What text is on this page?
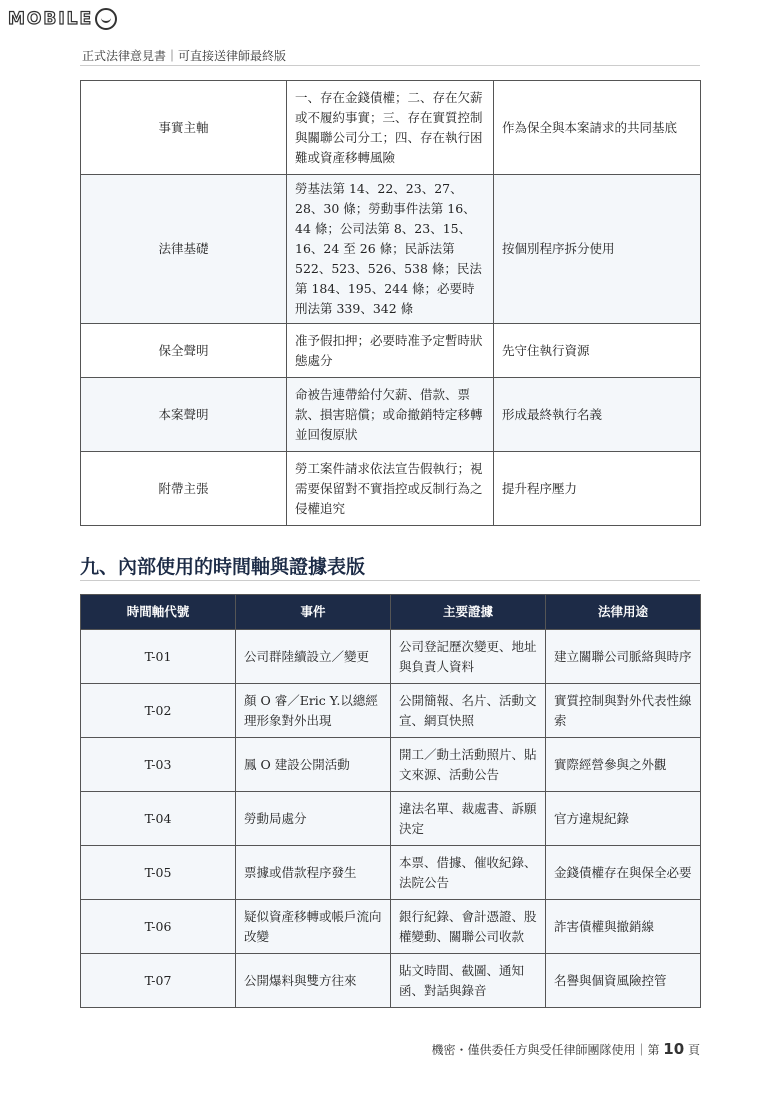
MOBILE
正式法律意見書｜可直接送律師最終版
事實主軸	一、存在金錢債權；二、存在欠薪或不履約事實；三、存在實質控制與關聯公司分工；四、存在執行困難或資產移轉風險	作為保全與本案請求的共同基底
法律基礎	勞基法第 14、22、23、27、28、30 條；勞動事件法第 16、44 條；公司法第 8、23、15、16、24 至 26 條；民訴法第 522、523、526、538 條；民法第 184、195、244 條；必要時刑法第 339、342 條	按個別程序拆分使用
保全聲明	准予假扣押；必要時准予定暫時狀態處分	先守住執行資源
本案聲明	命被告連帶給付欠薪、借款、票款、損害賠償；或命撤銷特定移轉並回復原狀	形成最終執行名義
附帶主張	勞工案件請求依法宣告假執行；視需要保留對不實指控或反制行為之侵權追究	提升程序壓力
九、內部使用的時間軸與證據表版
時間軸代號	事件	主要證據	法律用途
T-01	公司群陸續設立／變更	公司登記歷次變更、地址與負責人資料	建立關聯公司脈絡與時序
T-02	顏 O 睿／Eric Y.以總經理形象對外出現	公開簡報、名片、活動文宣、網頁快照	實質控制與對外代表性線索
T-03	鳳 O 建設公開活動	開工／動土活動照片、貼文來源、活動公告	實際經營參與之外觀
T-04	勞動局處分	違法名單、裁處書、訴願決定	官方違規紀錄
T-05	票據或借款程序發生	本票、借據、催收紀錄、法院公告	金錢債權存在與保全必要
T-06	疑似資產移轉或帳戶流向改變	銀行紀錄、會計憑證、股權變動、關聯公司收款	詐害債權與撤銷線
T-07	公開爆料與雙方往來	貼文時間、截圖、通知函、對話與錄音	名譽與個資風險控管
機密・僅供委任方與受任律師團隊使用｜第 10 頁
